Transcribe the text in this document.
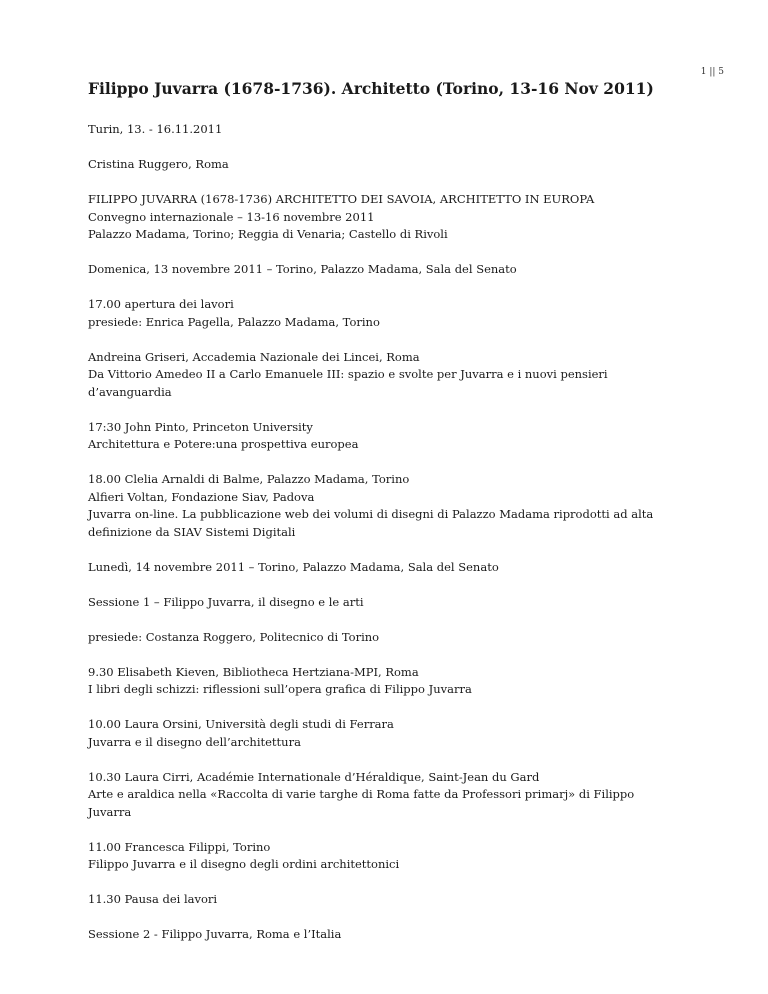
1 || 5
Filippo Juvarra (1678-1736). Architetto (Torino, 13-16 Nov 2011)

Turin, 13. - 16.11.2011

Cristina Ruggero, Roma

FILIPPO JUVARRA (1678-1736) ARCHITETTO DEI SAVOIA, ARCHITETTO IN EUROPA
Convegno internazionale – 13-16 novembre 2011
Palazzo Madama, Torino; Reggia di Venaria; Castello di Rivoli

Domenica, 13 novembre 2011 – Torino, Palazzo Madama, Sala del Senato

17.00 apertura dei lavori
presiede: Enrica Pagella, Palazzo Madama, Torino

Andreina Griseri, Accademia Nazionale dei Lincei, Roma
Da Vittorio Amedeo II a Carlo Emanuele III: spazio e svolte per Juvarra e i nuovi pensieri
d’avanguardia

17:30 John Pinto, Princeton University
Architettura e Potere:una prospettiva europea

18.00 Clelia Arnaldi di Balme, Palazzo Madama, Torino
Alfieri Voltan, Fondazione Siav, Padova
Juvarra on-line. La pubblicazione web dei volumi di disegni di Palazzo Madama riprodotti ad alta
definizione da SIAV Sistemi Digitali

Lunedì, 14 novembre 2011 – Torino, Palazzo Madama, Sala del Senato

Sessione 1 – Filippo Juvarra, il disegno e le arti

presiede: Costanza Roggero, Politecnico di Torino

9.30 Elisabeth Kieven, Bibliotheca Hertziana-MPI, Roma
I libri degli schizzi: riflessioni sull’opera grafica di Filippo Juvarra

10.00 Laura Orsini, Università degli studi di Ferrara
Juvarra e il disegno dell’architettura

10.30 Laura Cirri, Académie Internationale d’Héraldique, Saint-Jean du Gard
Arte e araldica nella «Raccolta di varie targhe di Roma fatte da Professori primarj» di Filippo
Juvarra

11.00 Francesca Filippi, Torino
Filippo Juvarra e il disegno degli ordini architettonici

11.30 Pausa dei lavori

Sessione 2 - Filippo Juvarra, Roma e l’Italia
